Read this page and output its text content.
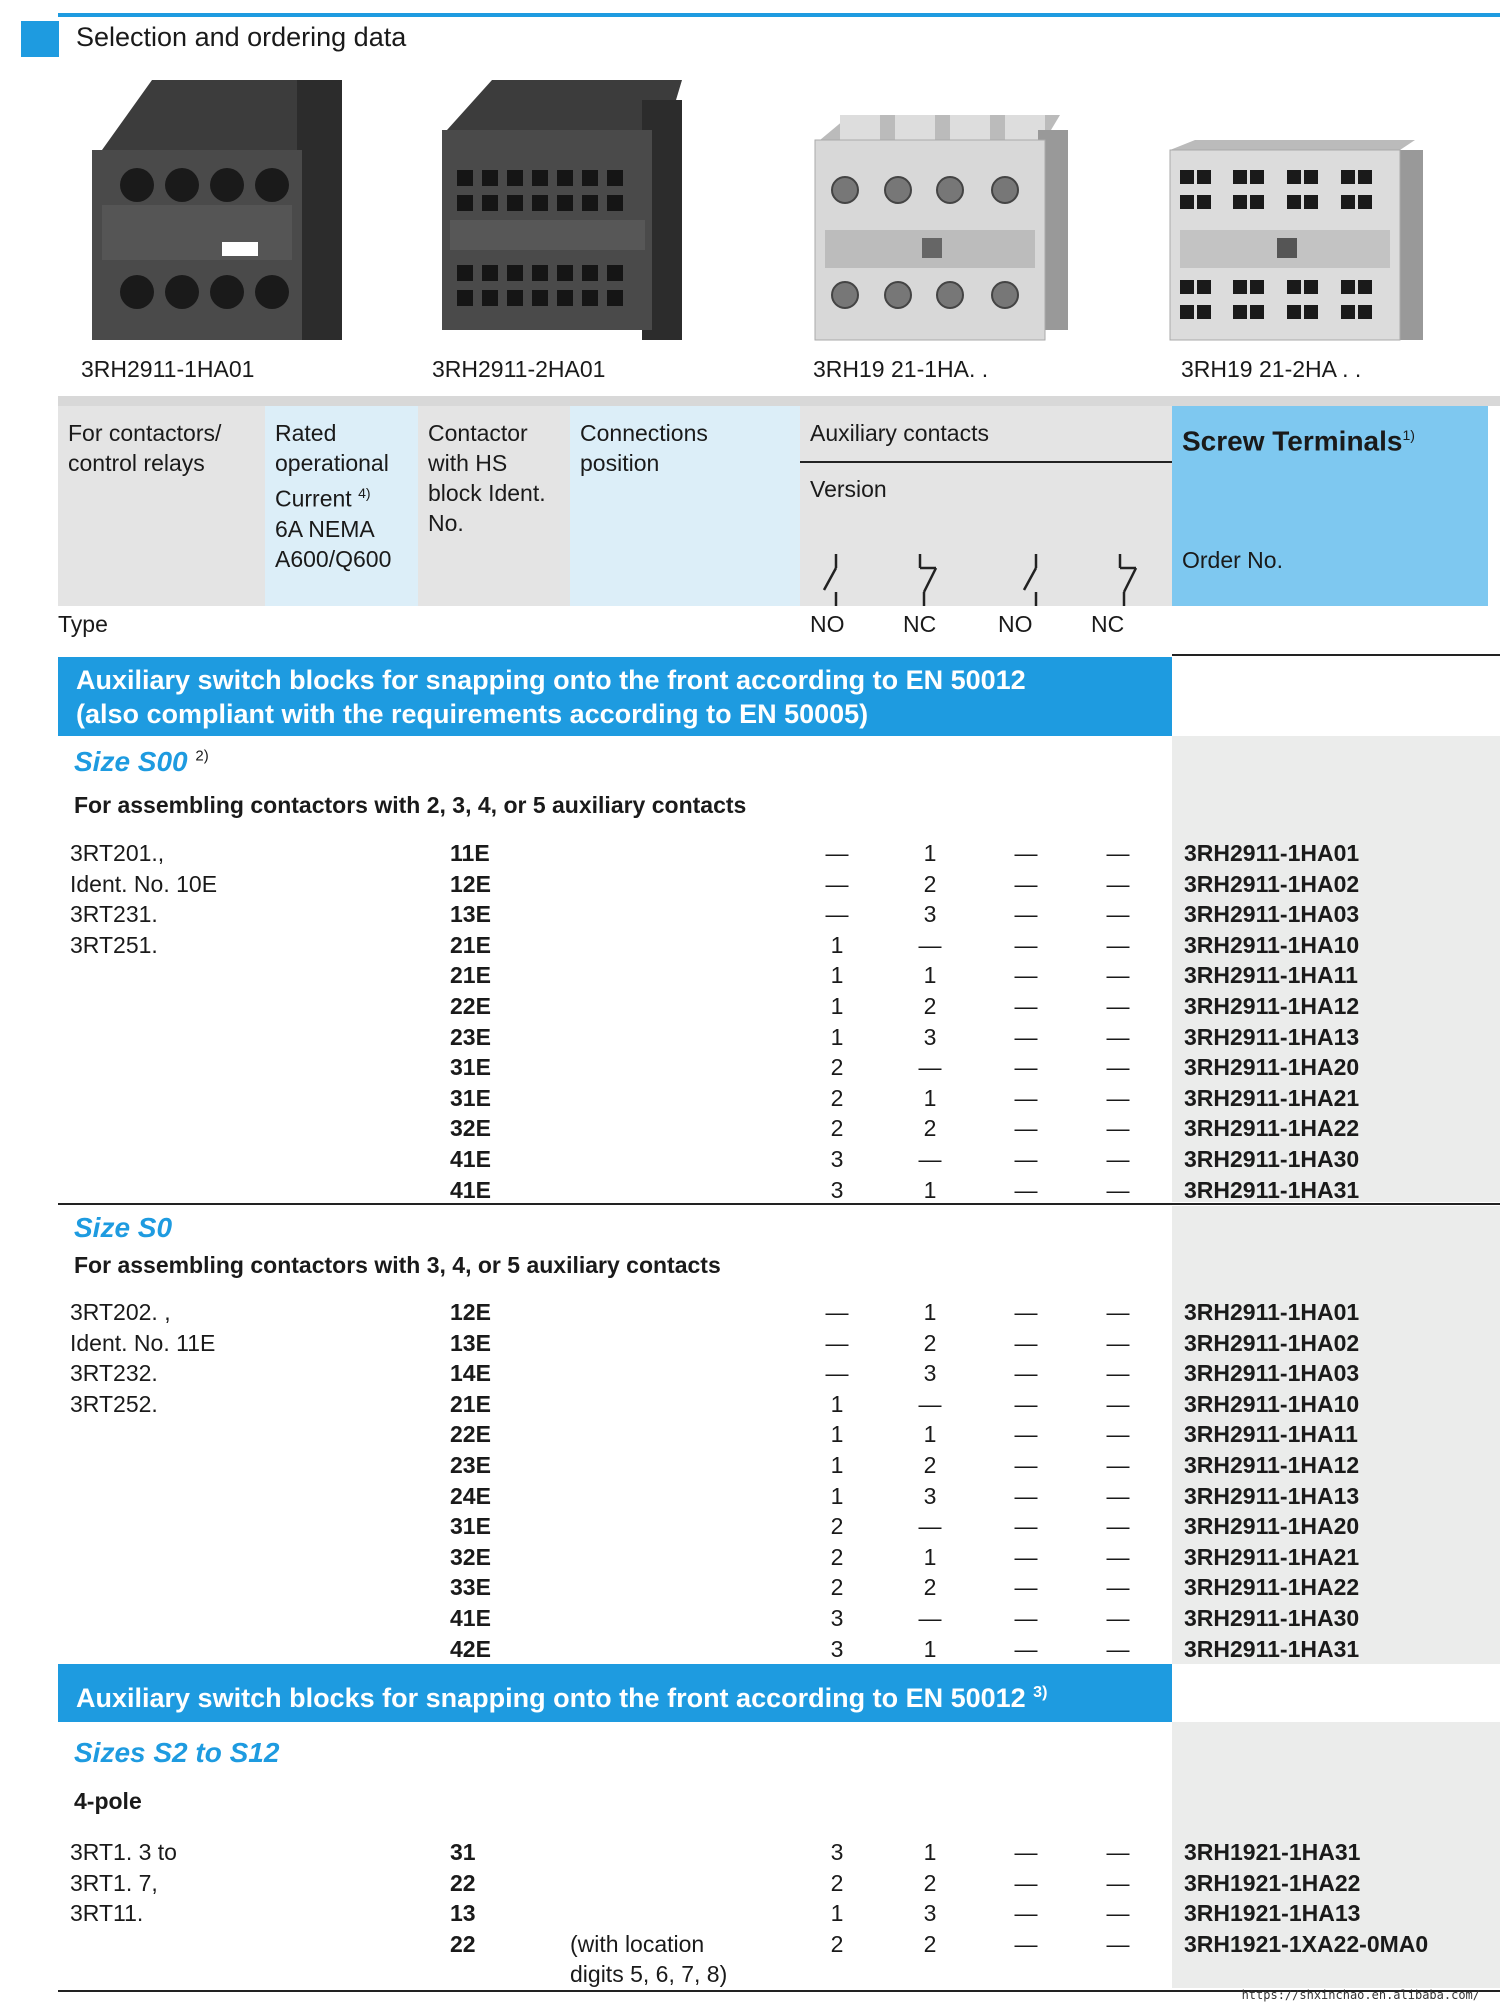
Selection and ordering data
3RH2911-1HA01	3RH2911-2HA01	3RH19 21-1HA. .	3RH19 21-2HA . .
For contactors/ control relays
Rated operational Current $^{4)}$
6A NEMA A600/Q600
Contactor with HS block Ident. No.
Connections position
Auxiliary contacts
Version
Screw Terminals$^{1)}$
Order No.
Type	NO	NC	NO	NC
Auxiliary switch blocks for snapping onto the front according to EN 50012
(also compliant with the requirements according to EN 50005)
Size S00 $^{2)}$
For assembling contactors with 2, 3, 4, or 5 auxiliary contacts
3RT201.,
Ident. No. 10E
3RT231.
3RT251.
11E	—	1	—	—	3RH2911-1HA01
12E	—	2	—	—	3RH2911-1HA02
13E	—	3	—	—	3RH2911-1HA03
21E	1	—	—	—	3RH2911-1HA10
21E	1	1	—	—	3RH2911-1HA11
22E	1	2	—	—	3RH2911-1HA12
23E	1	3	—	—	3RH2911-1HA13
31E	2	—	—	—	3RH2911-1HA20
31E	2	1	—	—	3RH2911-1HA21
32E	2	2	—	—	3RH2911-1HA22
41E	3	—	—	—	3RH2911-1HA30
41E	3	1	—	—	3RH2911-1HA31
Size S0
For assembling contactors with 3, 4, or 5 auxiliary contacts
3RT202. ,
Ident. No. 11E
3RT232.
3RT252.
12E	—	1	—	—	3RH2911-1HA01
13E	—	2	—	—	3RH2911-1HA02
14E	—	3	—	—	3RH2911-1HA03
21E	1	—	—	—	3RH2911-1HA10
22E	1	1	—	—	3RH2911-1HA11
23E	1	2	—	—	3RH2911-1HA12
24E	1	3	—	—	3RH2911-1HA13
31E	2	—	—	—	3RH2911-1HA20
32E	2	1	—	—	3RH2911-1HA21
33E	2	2	—	—	3RH2911-1HA22
41E	3	—	—	—	3RH2911-1HA30
42E	3	1	—	—	3RH2911-1HA31
Auxiliary switch blocks for snapping onto the front according to EN 50012 $^{3)}$
Sizes S2 to S12
4-pole
3RT1. 3 to
3RT1. 7,
3RT11.
31	3	1	—	—	3RH1921-1HA31
22	2	2	—	—	3RH1921-1HA22
13	1	3	—	—	3RH1921-1HA13
22	2	2	—	—	3RH1921-1XA22-0MA0
(with location
digits 5, 6, 7, 8)
https://shxinchao.en.alibaba.com/
